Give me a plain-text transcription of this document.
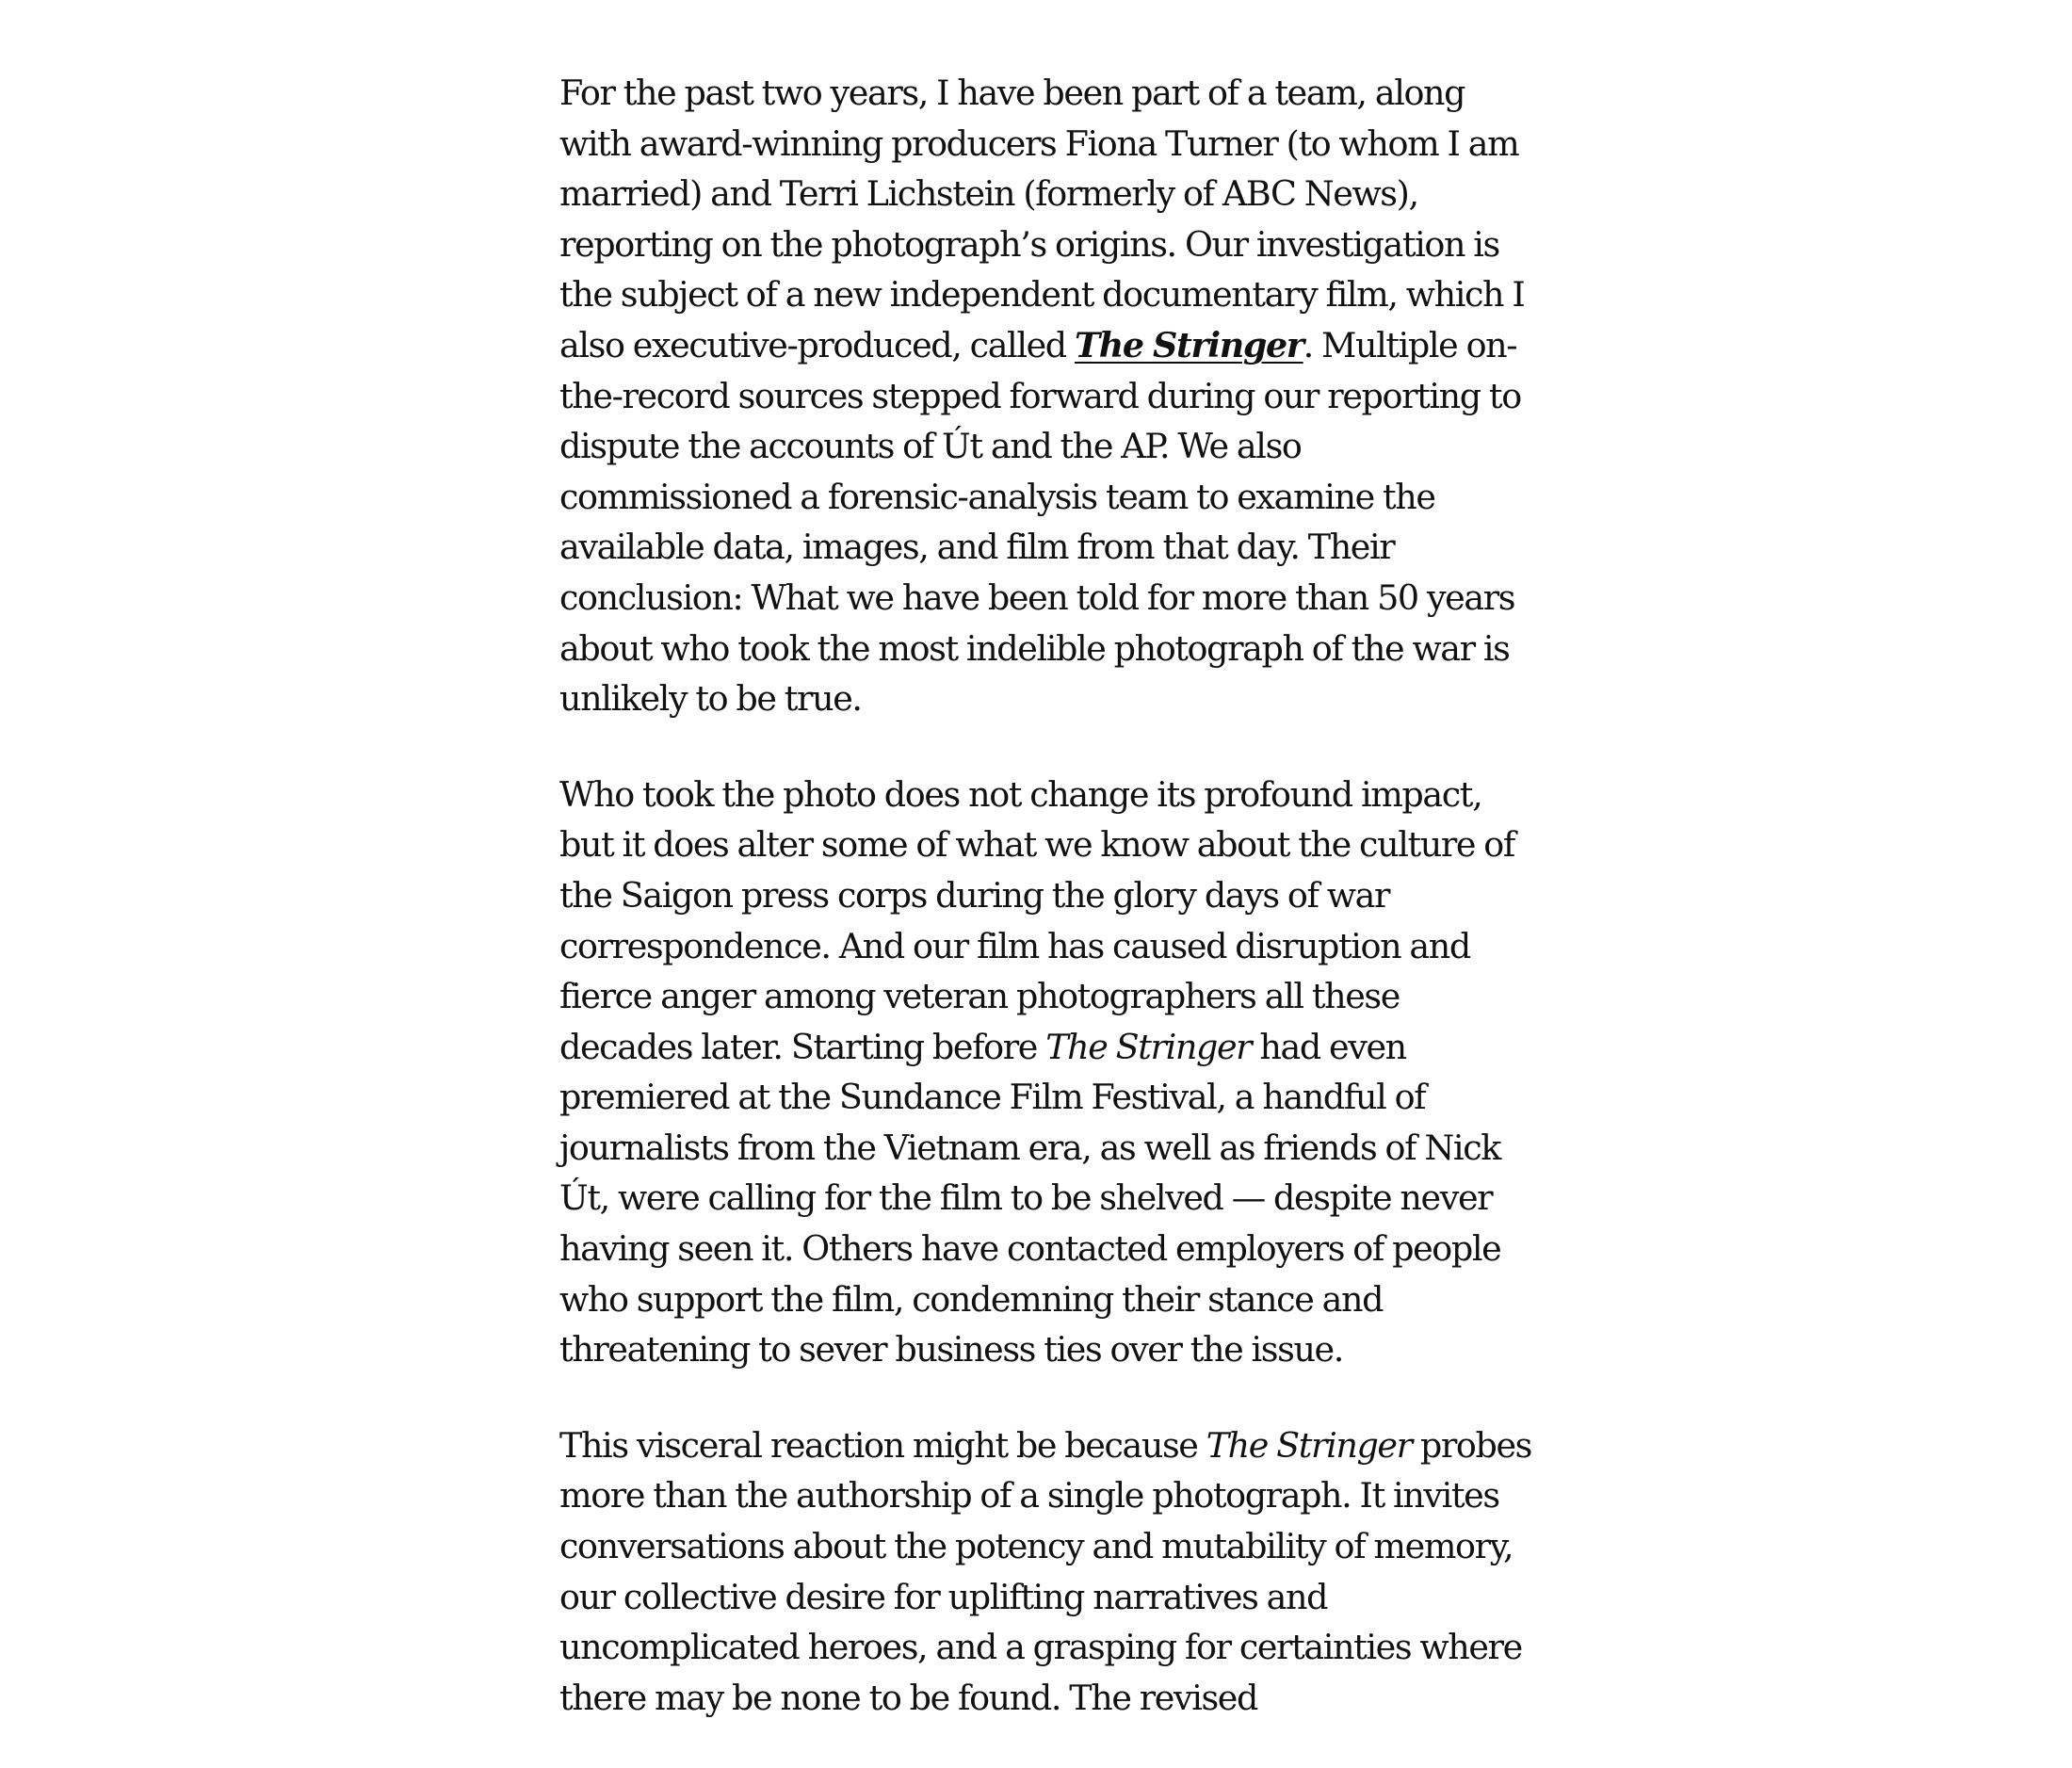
For the past two years, I have been part of a team, along with award-winning producers Fiona Turner (to whom I am married) and Terri Lichstein (formerly of ABC News), reporting on the photograph’s origins. Our investigation is the subject of a new independent documentary film, which I also executive-produced, called The Stringer. Multiple on-the-record sources stepped forward during our reporting to dispute the accounts of Út and the AP. We also commissioned a forensic-analysis team to examine the available data, images, and film from that day. Their conclusion: What we have been told for more than 50 years about who took the most indelible photograph of the war is unlikely to be true.

Who took the photo does not change its profound impact, but it does alter some of what we know about the culture of the Saigon press corps during the glory days of war correspondence. And our film has caused disruption and fierce anger among veteran photographers all these decades later. Starting before The Stringer had even premiered at the Sundance Film Festival, a handful of journalists from the Vietnam era, as well as friends of Nick Út, were calling for the film to be shelved — despite never having seen it. Others have contacted employers of people who support the film, condemning their stance and threatening to sever business ties over the issue.

This visceral reaction might be because The Stringer probes more than the authorship of a single photograph. It invites conversations about the potency and mutability of memory, our collective desire for uplifting narratives and uncomplicated heroes, and a grasping for certainties where there may be none to be found. The revised
